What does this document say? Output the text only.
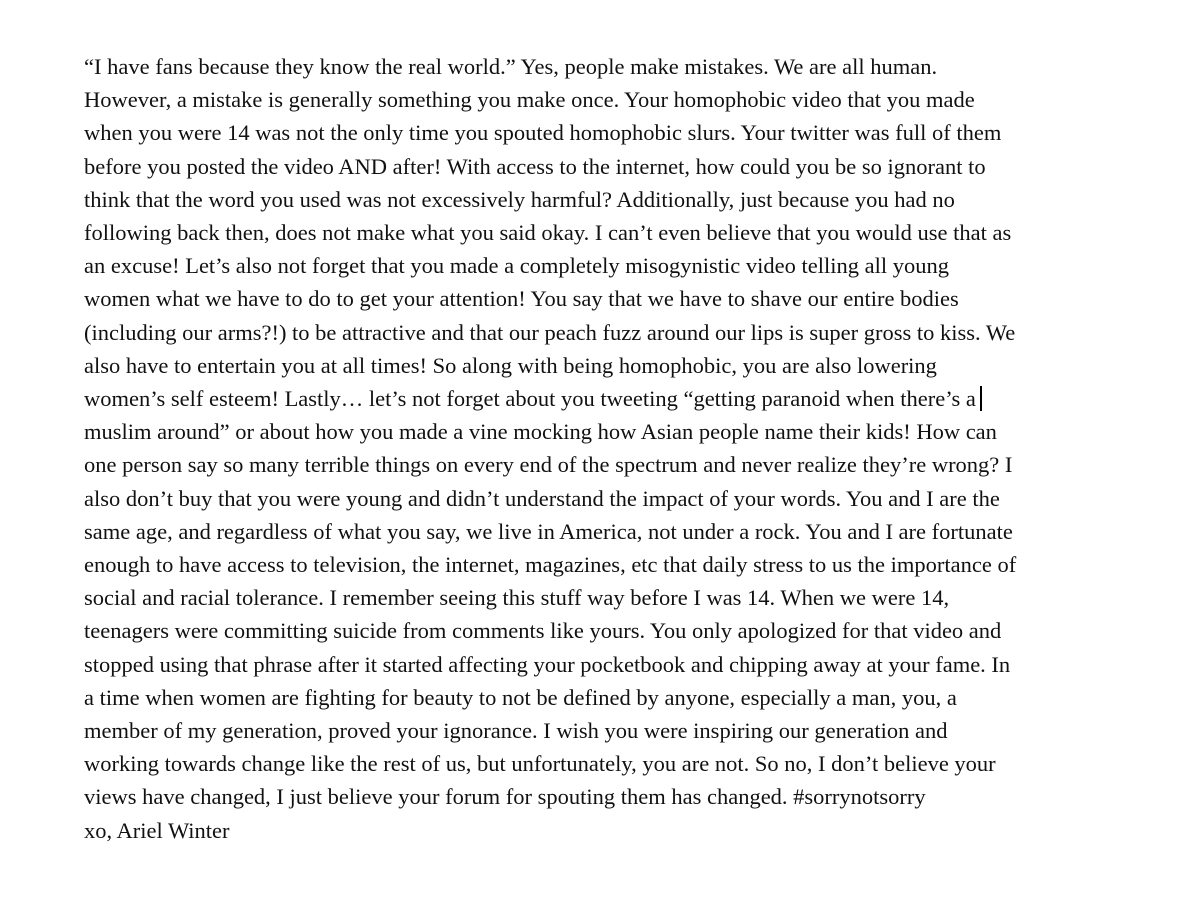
“I have fans because they know the real world.” Yes, people make mistakes. We are all human.
However, a mistake is generally something you make once. Your homophobic video that you made
when you were 14 was not the only time you spouted homophobic slurs. Your twitter was full of them
before you posted the video AND after! With access to the internet, how could you be so ignorant to
think that the word you used was not excessively harmful? Additionally, just because you had no
following back then, does not make what you said okay. I can’t even believe that you would use that as
an excuse! Let’s also not forget that you made a completely misogynistic video telling all young
women what we have to do to get your attention! You say that we have to shave our entire bodies
(including our arms?!) to be attractive and that our peach fuzz around our lips is super gross to kiss. We
also have to entertain you at all times! So along with being homophobic, you are also lowering
women’s self esteem! Lastly… let’s not forget about you tweeting “getting paranoid when there’s a
muslim around” or about how you made a vine mocking how Asian people name their kids! How can
one person say so many terrible things on every end of the spectrum and never realize they’re wrong? I
also don’t buy that you were young and didn’t understand the impact of your words. You and I are the
same age, and regardless of what you say, we live in America, not under a rock. You and I are fortunate
enough to have access to television, the internet, magazines, etc that daily stress to us the importance of
social and racial tolerance. I remember seeing this stuff way before I was 14. When we were 14,
teenagers were committing suicide from comments like yours. You only apologized for that video and
stopped using that phrase after it started affecting your pocketbook and chipping away at your fame. In
a time when women are fighting for beauty to not be defined by anyone, especially a man, you, a
member of my generation, proved your ignorance. I wish you were inspiring our generation and
working towards change like the rest of us, but unfortunately, you are not. So no, I don’t believe your
views have changed, I just believe your forum for spouting them has changed. #sorrynotsorry
xo, Ariel Winter
